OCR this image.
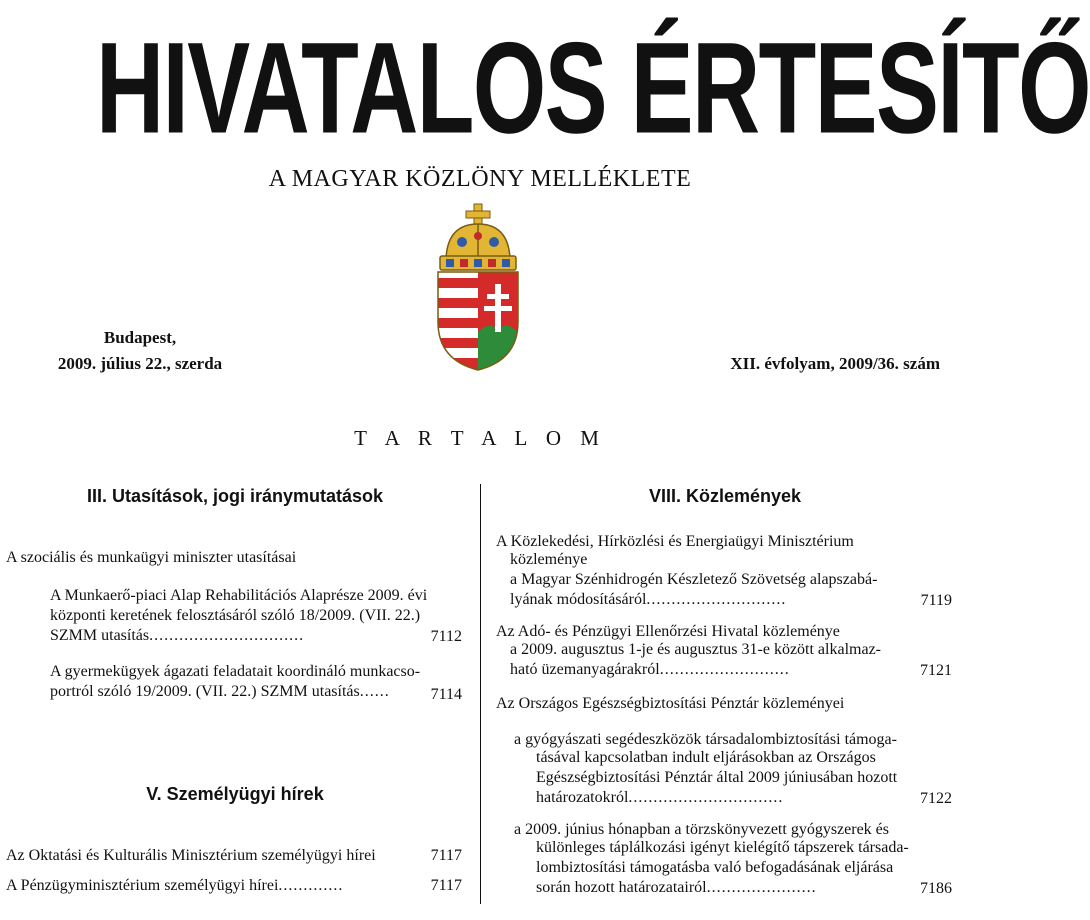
HIVATALOS ÉRTESÍTŐ
A MAGYAR KÖZLÖNY MELLÉKLETE
Budapest,
2009. július 22., szerda	XII. évfolyam, 2009/36. szám
T A R T A L O M
III. Utasítások, jogi iránymutatások
A szociális és munkaügyi miniszter utasításai
A Munkaerő-piaci Alap Rehabilitációs Alaprésze 2009. évi
központi keretének felosztásáról szóló 18/2009. (VII. 22.)
SZMM utasítás...............................	7112
A gyermekügyek ágazati feladatait koordináló munkacso-
portról szóló 19/2009. (VII. 22.) SZMM utasítás......	7114
V. Személyügyi hírek
Az Oktatási és Kulturális Minisztérium személyügyi hírei	7117
A Pénzügyminisztérium személyügyi hírei.............	7117
VIII. Közlemények
A Közlekedési, Hírközlési és Energiaügyi Minisztérium
közleménye
a Magyar Szénhidrogén Készletező Szövetség alapszabá-
lyának módosításáról............................	7119
Az Adó- és Pénzügyi Ellenőrzési Hivatal közleménye
a 2009. augusztus 1-je és augusztus 31-e között alkalmaz-
ható üzemanyagárakról..........................	7121
Az Országos Egészségbiztosítási Pénztár közleményei
a gyógyászati segédeszközök társadalombiztosítási támoga-
tásával kapcsolatban indult eljárásokban az Országos
Egészségbiztosítási Pénztár által 2009 júniusában hozott
határozatokról...............................	7122
a 2009. június hónapban a törzskönyvezett gyógyszerek és
különleges táplálkozási igényt kielégítő tápszerek társada-
lombiztosítási támogatásba való befogadásának eljárása
során hozott határozatairól......................	7186
